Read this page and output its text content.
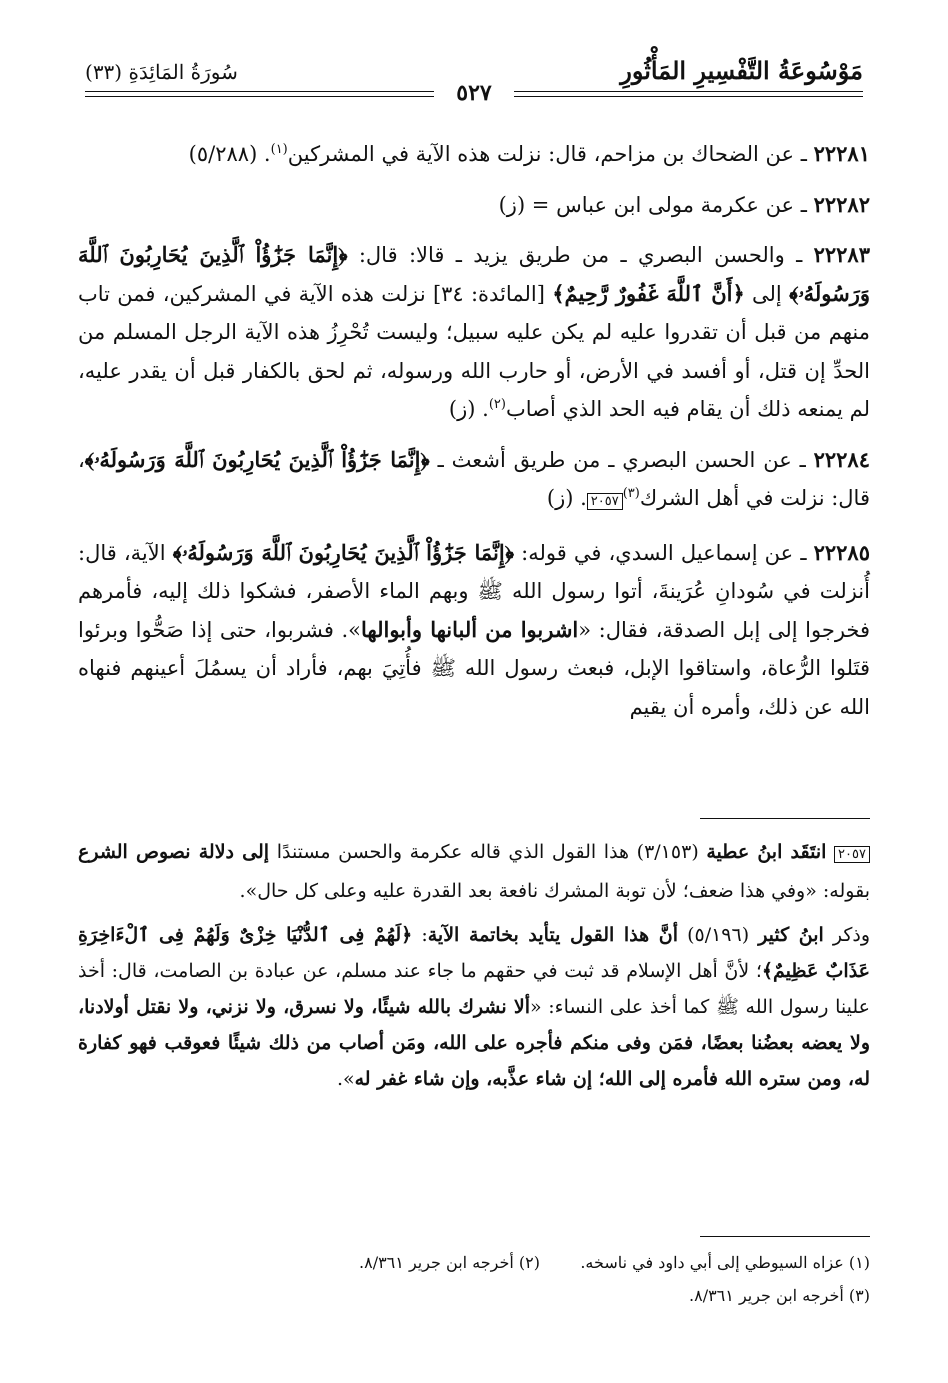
مَوْسُوعَةُ التَّفْسِيرِ المَأْثُورِ
سُورَةُ المَائِدَةِ (٣٣)
٥٢٧

٢٢٢٨١ ـ عن الضحاك بن مزاحم، قال: نزلت هذه الآية في المشركين$^{(١)}$. (٥/٢٨٨)

٢٢٢٨٢ ـ عن عكرمة مولى ابن عباس = (ز)

٢٢٢٨٣ ـ والحسن البصري ـ من طريق يزيد ـ قالا: قال: ﴿إِنَّمَا جَزَٰٓؤُاْ ٱلَّذِينَ يُحَارِبُونَ ٱللَّهَ وَرَسُولَهُۥ﴾ إلى ﴿أَنَّ ٱللَّهَ غَفُورٌ رَّحِيمٌ﴾ [المائدة: ٣٤] نزلت هذه الآية في المشركين، فمن تاب منهم من قبل أن تقدروا عليه لم يكن عليه سبيل؛ وليست تُحْرِزُ هذه الآية الرجل المسلم من الحدِّ إن قتل، أو أفسد في الأرض، أو حارب الله ورسوله، ثم لحق بالكفار قبل أن يقدر عليه، لم يمنعه ذلك أن يقام فيه الحد الذي أصاب$^{(٢)}$. (ز)

٢٢٢٨٤ ـ عن الحسن البصري ـ من طريق أشعث ـ ﴿إِنَّمَا جَزَٰٓؤُاْ ٱلَّذِينَ يُحَارِبُونَ ٱللَّهَ وَرَسُولَهُۥ﴾، قال: نزلت في أهل الشرك$^{(٣)}$٢٠٥٧. (ز)

٢٢٢٨٥ ـ عن إسماعيل السدي، في قوله: ﴿إِنَّمَا جَزَٰٓؤُاْ ٱلَّذِينَ يُحَارِبُونَ ٱللَّهَ وَرَسُولَهُۥ﴾ الآية، قال: أُنزلت في سُودانِ عُرَينةَ، أتوا رسول الله ﷺ وبهم الماء الأصفر، فشكوا ذلك إليه، فأمرهم فخرجوا إلى إبل الصدقة، فقال: «اشربوا من ألبانها وأبوالها». فشربوا، حتى إذا صَحُّوا وبرئوا قتَلوا الرُّعاة، واستاقوا الإبل، فبعث رسول الله ﷺ فأُتِيَ بهم، فأراد أن يسمُلَ أعينهم فنهاه الله عن ذلك، وأمره أن يقيم

٢٠٥٧ انتَقَد ابنُ عطية (٣/١٥٣) هذا القول الذي قاله عكرمة والحسن مستندًا إلى دلالة نصوص الشرع بقوله: «وفي هذا ضعف؛ لأن توبة المشرك نافعة بعد القدرة عليه وعلى كل حال».

وذكر ابنُ كثير (٥/١٩٦) أنَّ هذا القول يتأيد بخاتمة الآية: ﴿لَهُمْ فِى ٱلدُّنْيَا خِزْىٌ وَلَهُمْ فِى ٱلْءَاخِرَةِ عَذَابٌ عَظِيمٌ﴾؛ لأنَّ أهل الإسلام قد ثبت في حقهم ما جاء عند مسلم، عن عبادة بن الصامت، قال: أخذ علينا رسول الله ﷺ كما أخذ على النساء: «ألا نشرك بالله شيئًا، ولا نسرق، ولا نزني، ولا نقتل أولادنا، ولا يعضه بعضُنا بعضًا، فمَن وفى منكم فأجره على الله، ومَن أصاب من ذلك شيئًا فعوقب فهو كفارة له، ومن ستره الله فأمره إلى الله؛ إن شاء عذَّبه، وإن شاء غفر له».

(١) عزاه السيوطي إلى أبي داود في ناسخه.
(٢) أخرجه ابن جرير ٨/٣٦١.
(٣) أخرجه ابن جرير ٨/٣٦١.
